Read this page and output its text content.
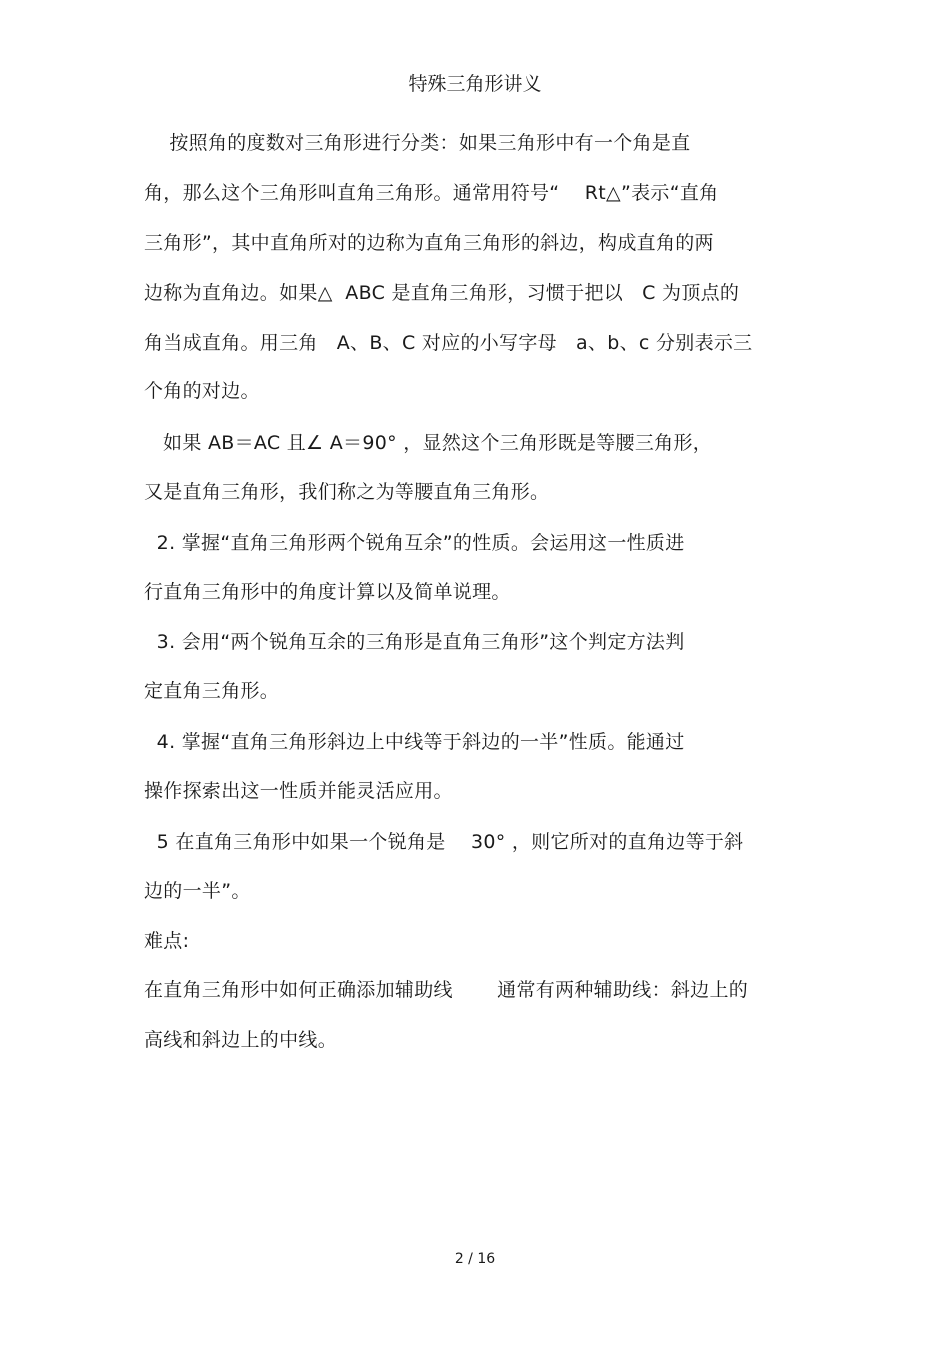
特殊三角形讲义
按照角的度数对三角形进行分类：如果三角形中有一个角是直
角，那么这个三角形叫直角三角形。通常用符号“    Rt△”表示“直角
三角形”，其中直角所对的边称为直角三角形的斜边，构成直角的两
边称为直角边。如果△  ABC 是直角三角形，习惯于把以   C 为顶点的
角当成直角。用三角   A、B、C 对应的小写字母   a、b、c 分别表示三
个角的对边。
如果 AB＝AC 且∠ A＝90° ，显然这个三角形既是等腰三角形，
又是直角三角形，我们称之为等腰直角三角形。
2. 掌握“直角三角形两个锐角互余”的性质。会运用这一性质进
行直角三角形中的角度计算以及简单说理。
3. 会用“两个锐角互余的三角形是直角三角形”这个判定方法判
定直角三角形。
4. 掌握“直角三角形斜边上中线等于斜边的一半”性质。能通过
操作探索出这一性质并能灵活应用。
5 在直角三角形中如果一个锐角是    30° ，则它所对的直角边等于斜
边的一半”。
难点:
在直角三角形中如何正确添加辅助线       通常有两种辅助线：斜边上的
高线和斜边上的中线。
2 / 16
